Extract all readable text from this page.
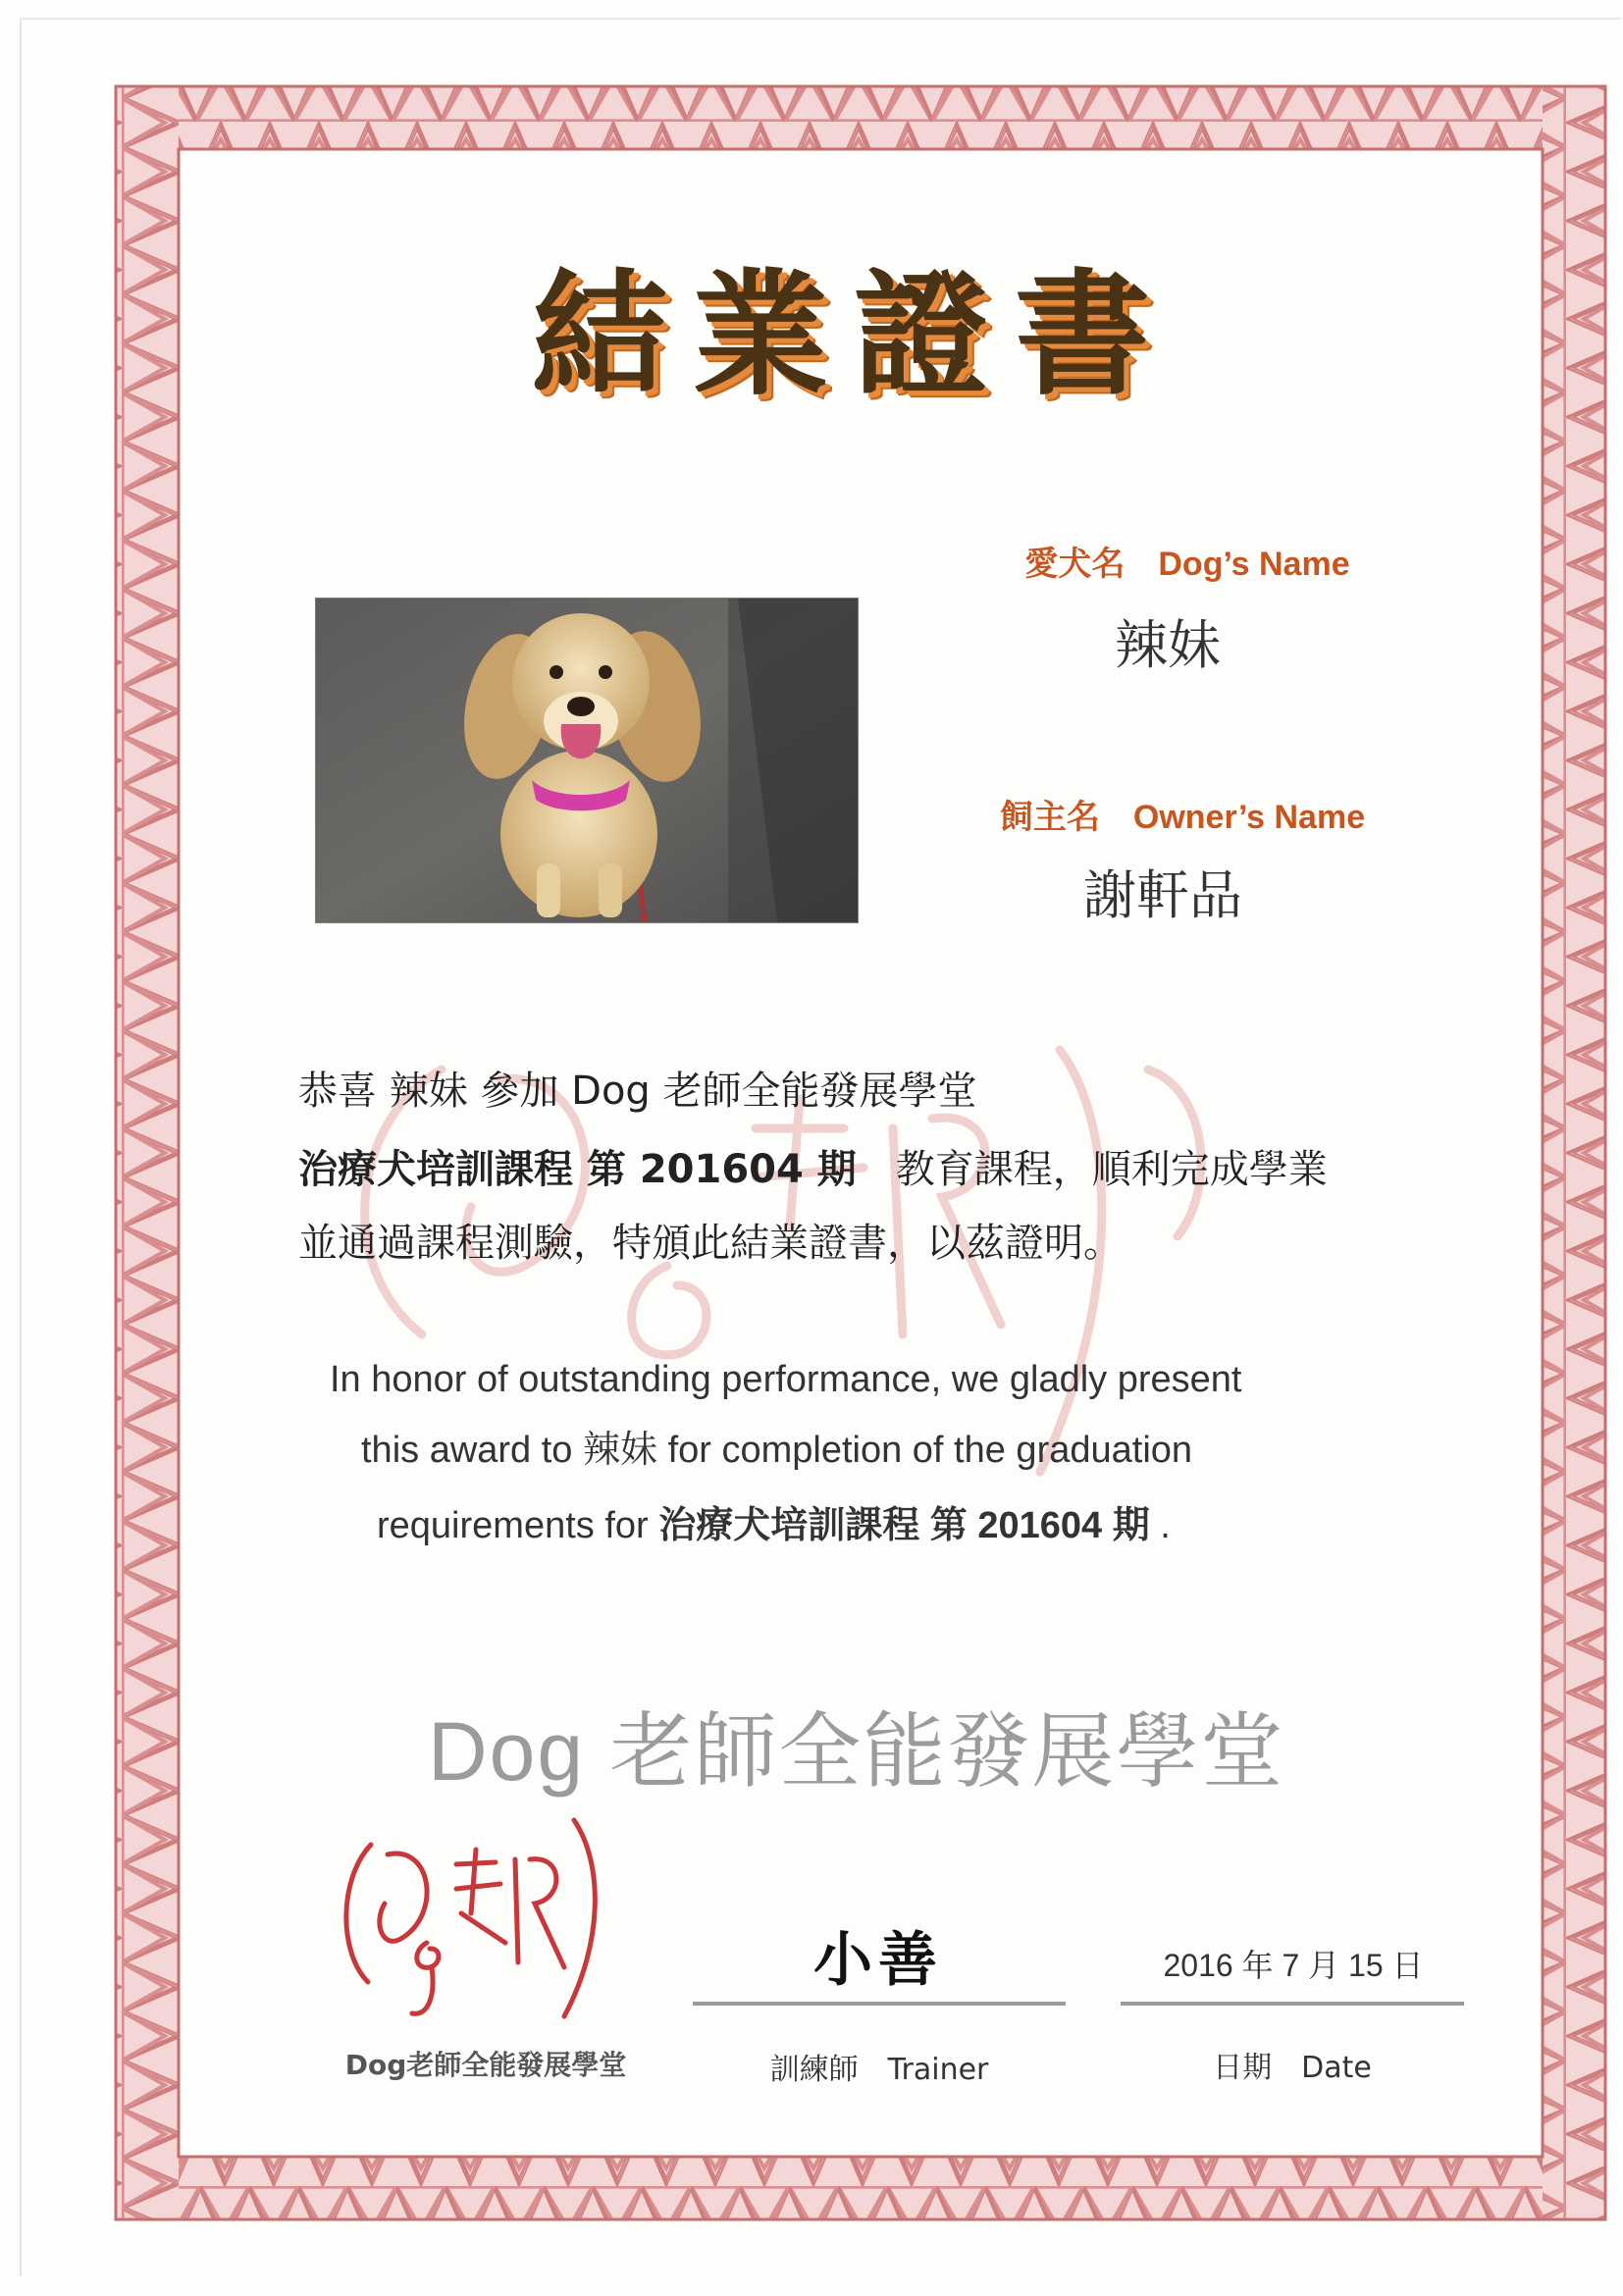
結業證書
愛犬名　Dog’s Name
辣妹
飼主名　Owner’s Name
謝軒品
恭喜 辣妹 參加 Dog 老師全能發展學堂
治療犬培訓課程 第 201604 期　教育課程，順利完成學業
並通過課程測驗，特頒此結業證書，以茲證明。
In honor of outstanding performance, we gladly present
this award to 辣妹 for completion of the graduation
requirements for 治療犬培訓課程 第 201604 期 .
Dog 老師全能發展學堂
Dog老師
Dog老師全能發展學堂
小善
訓練師　Trainer
2016 年 7 月 15 日
日期　Date
